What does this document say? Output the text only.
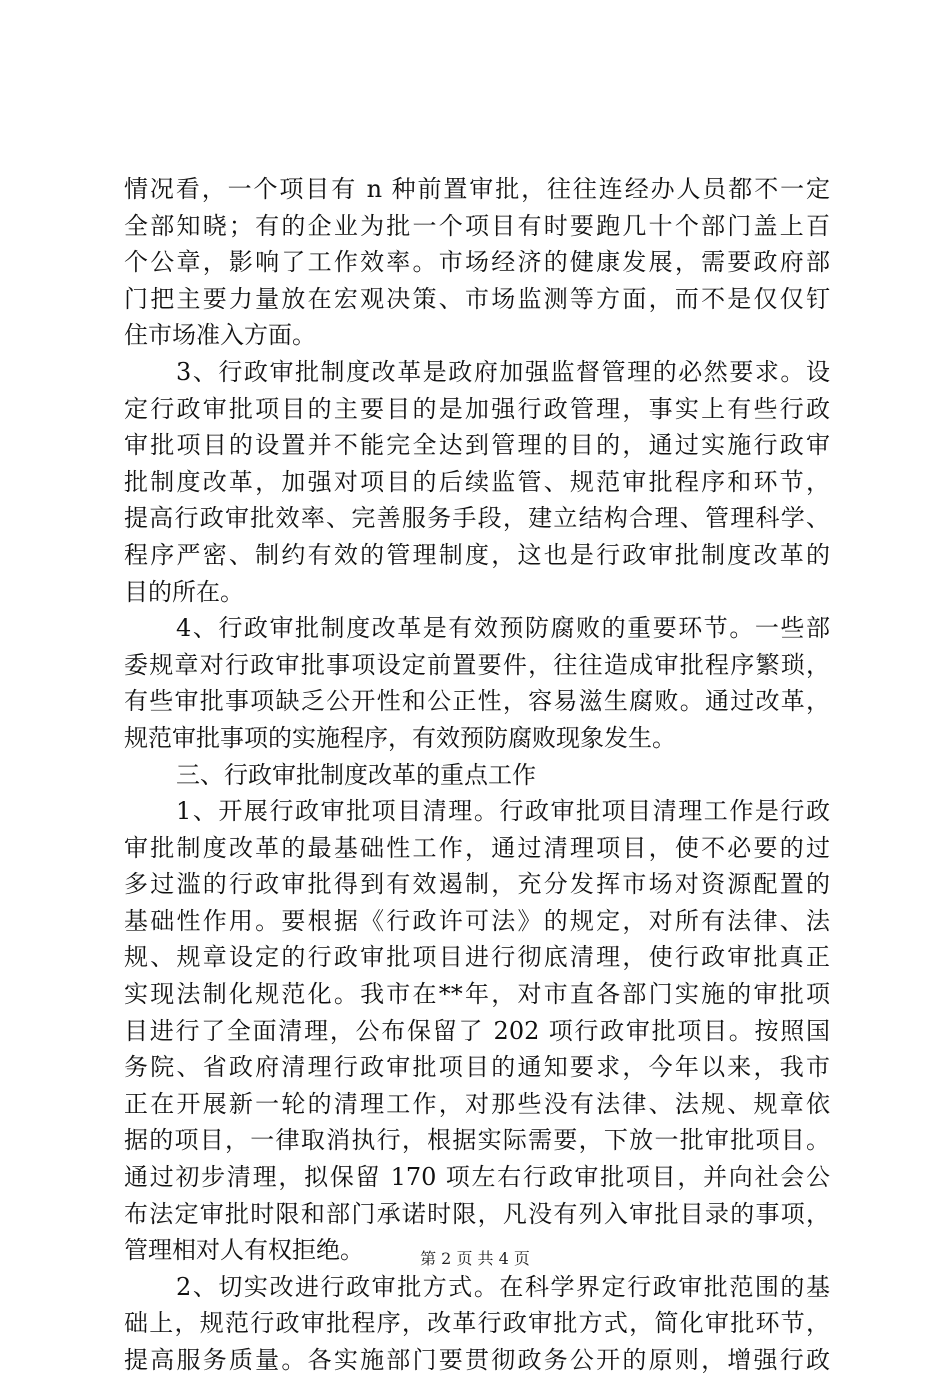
情况看，一个项目有 n 种前置审批，往往连经办人员都不一定
全部知晓；有的企业为批一个项目有时要跑几十个部门盖上百
个公章，影响了工作效率。市场经济的健康发展，需要政府部
门把主要力量放在宏观决策、市场监测等方面，而不是仅仅钉
住市场准入方面。
3、行政审批制度改革是政府加强监督管理的必然要求。设
定行政审批项目的主要目的是加强行政管理，事实上有些行政
审批项目的设置并不能完全达到管理的目的，通过实施行政审
批制度改革，加强对项目的后续监管、规范审批程序和环节，
提高行政审批效率、完善服务手段，建立结构合理、管理科学、
程序严密、制约有效的管理制度，这也是行政审批制度改革的
目的所在。
4、行政审批制度改革是有效预防腐败的重要环节。一些部
委规章对行政审批事项设定前置要件，往往造成审批程序繁琐，
有些审批事项缺乏公开性和公正性，容易滋生腐败。通过改革，
规范审批事项的实施程序，有效预防腐败现象发生。
三、行政审批制度改革的重点工作
1、开展行政审批项目清理。行政审批项目清理工作是行政
审批制度改革的最基础性工作，通过清理项目，使不必要的过
多过滥的行政审批得到有效遏制，充分发挥市场对资源配置的
基础性作用。要根据《行政许可法》的规定，对所有法律、法
规、规章设定的行政审批项目进行彻底清理，使行政审批真正
实现法制化规范化。我市在**年，对市直各部门实施的审批项
目进行了全面清理，公布保留了 202 项行政审批项目。按照国
务院、省政府清理行政审批项目的通知要求，今年以来，我市
正在开展新一轮的清理工作，对那些没有法律、法规、规章依
据的项目，一律取消执行，根据实际需要，下放一批审批项目。
通过初步清理，拟保留 170 项左右行政审批项目，并向社会公
布法定审批时限和部门承诺时限，凡没有列入审批目录的事项，
管理相对人有权拒绝。
2、切实改进行政审批方式。在科学界定行政审批范围的基
础上，规范行政审批程序，改革行政审批方式，简化审批环节，
提高服务质量。各实施部门要贯彻政务公开的原则，增强行政
第 2 页 共 4 页
